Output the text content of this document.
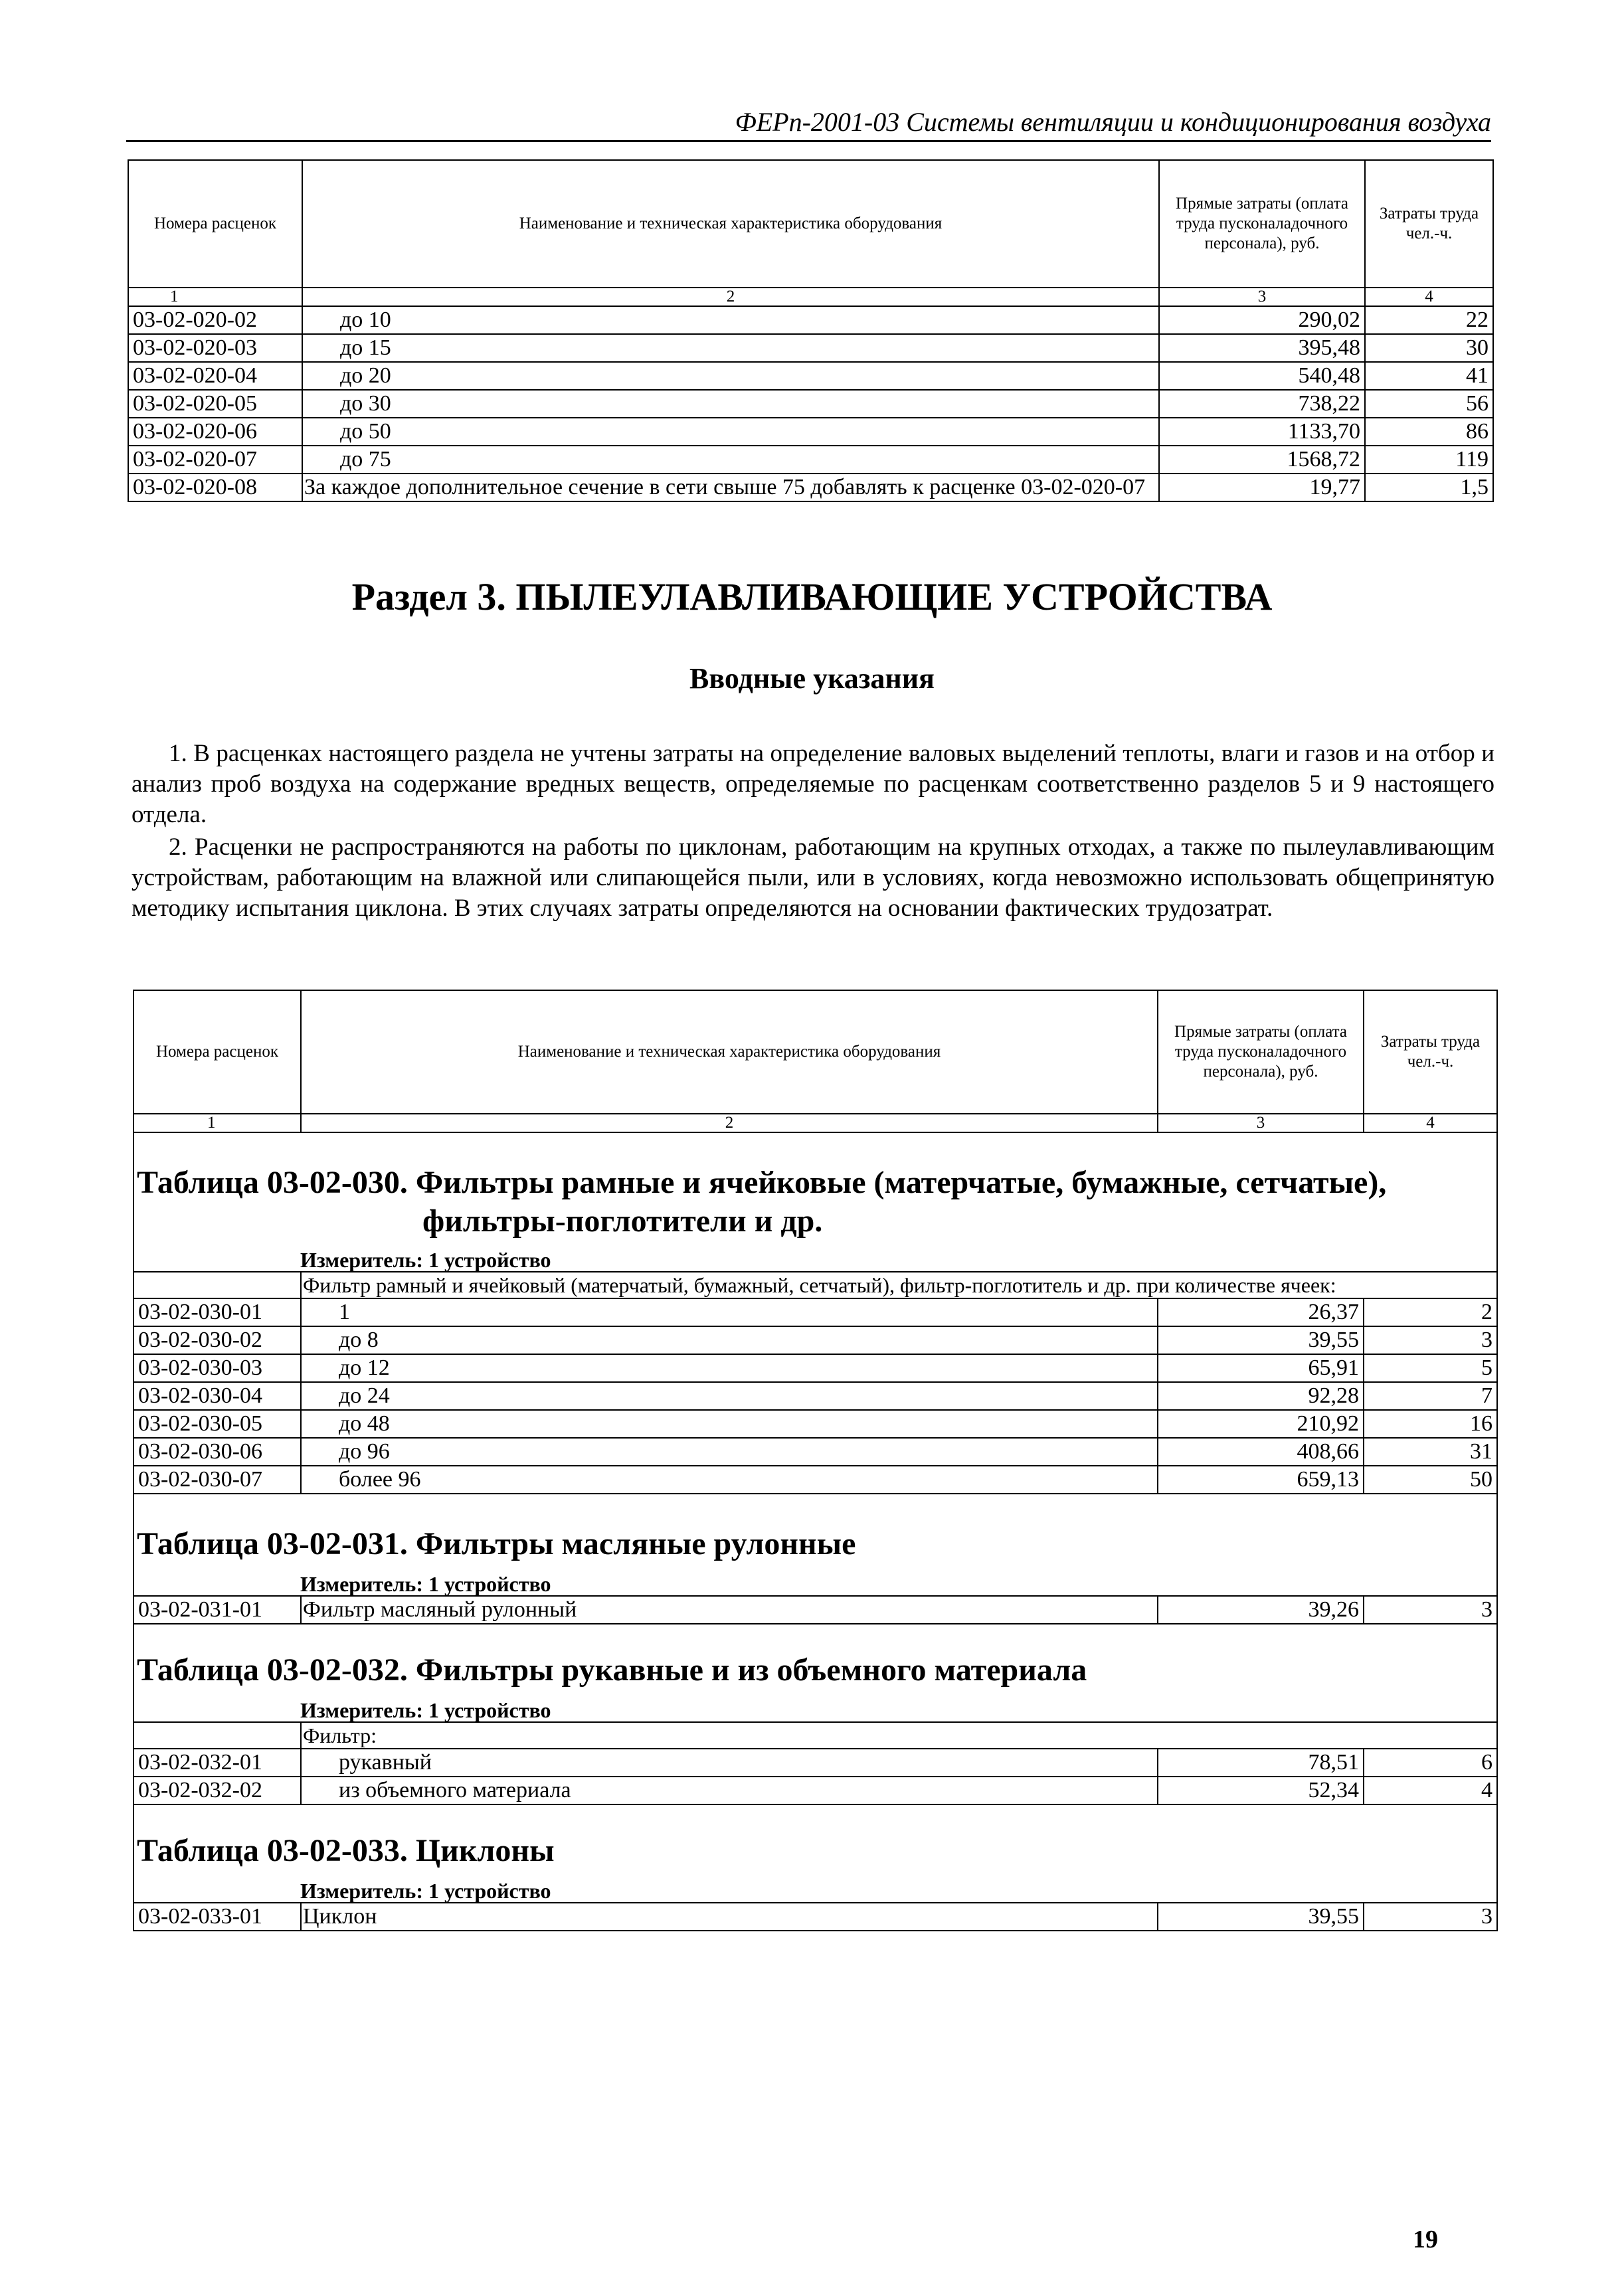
ФЕРп-2001-03 Системы вентиляции и кондиционирования воздуха
Номера расценок	Наименование и техническая характеристика оборудования	Прямые затраты (оплата труда пусконаладочного персонала), руб.	Затраты труда чел.-ч.
1	2	3	4
03-02-020-02	до 10	290,02	22
03-02-020-03	до 15	395,48	30
03-02-020-04	до 20	540,48	41
03-02-020-05	до 30	738,22	56
03-02-020-06	до 50	1133,70	86
03-02-020-07	до 75	1568,72	119
03-02-020-08	За каждое дополнительное сечение в сети свыше 75 добавлять к расценке 03-02-020-07	19,77	1,5
Раздел 3. ПЫЛЕУЛАВЛИВАЮЩИЕ УСТРОЙСТВА
Вводные указания
1. В расценках настоящего раздела не учтены затраты на определение валовых выделений теплоты, влаги и газов и на отбор и анализ проб воздуха на содержание вредных веществ, определяемые по расценкам соответственно разделов 5 и 9 настоящего отдела.
2. Расценки не распространяются на работы по циклонам, работающим на крупных отходах, а также по пылеулавливающим устройствам, работающим на влажной или слипающейся пыли, или в условиях, когда невозможно использовать общепринятую методику испытания циклона. В этих случаях затраты определяются на основании фактических трудозатрат.
Номера расценок	Наименование и техническая характеристика оборудования	Прямые затраты (оплата труда пусконаладочного персонала), руб.	Затраты труда чел.-ч.
1	2	3	4
Таблица 03-02-030. Фильтры рамные и ячейковые (матерчатые, бумажные, сетчатые),
фильтры-поглотители и др.			

Измеритель: 1 устройство			
	Фильтр рамный и ячейковый (матерчатый, бумажный, сетчатый), фильтр-поглотитель и др. при количестве ячеек:		
03-02-030-01	1	26,37	2
03-02-030-02	до 8	39,55	3
03-02-030-03	до 12	65,91	5
03-02-030-04	до 24	92,28	7
03-02-030-05	до 48	210,92	16
03-02-030-06	до 96	408,66	31
03-02-030-07	более 96	659,13	50
Таблица 03-02-031. Фильтры масляные рулонные			
Измеритель: 1 устройство			
03-02-031-01	Фильтр масляный рулонный	39,26	3
Таблица 03-02-032. Фильтры рукавные и из объемного материала			
Измеритель: 1 устройство			
	Фильтр:		
03-02-032-01	рукавный	78,51	6
03-02-032-02	из объемного материала	52,34	4
Таблица 03-02-033. Циклоны			
Измеритель: 1 устройство			
03-02-033-01	Циклон	39,55	3
19
